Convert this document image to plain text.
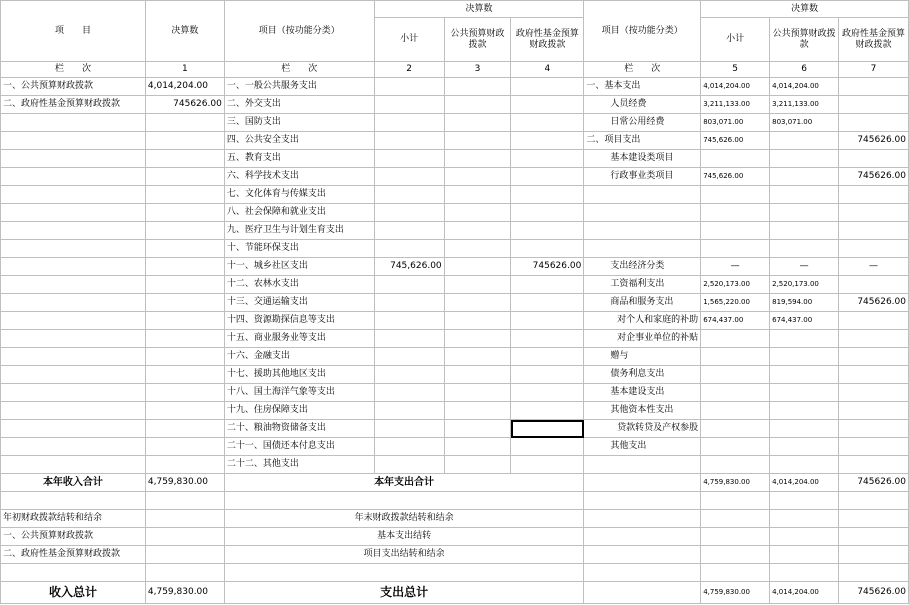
项　　目	决算数	项目（按功能分类）	决算数			项目（按功能分类）	决算数		
			小计	公共预算财政拨款	政府性基金预算财政拨款		小计	公共预算财政拨款	政府性基金预算财政拨款

栏　　次	1	栏　　次	2	3	4	栏　　次	5	6	7
一、公共预算财政拨款	4,014,204.00	一、一般公共服务支出				一、基本支出	4,014,204.00	4,014,204.00	
二、政府性基金预算财政拨款	745626.00	二、外交支出				人员经费	3,211,133.00	3,211,133.00	
		三、国防支出				日常公用经费	803,071.00	803,071.00	
		四、公共安全支出				二、项目支出	745,626.00		745626.00
		五、教育支出				基本建设类项目			
		六、科学技术支出				行政事业类项目	745,626.00		745626.00
		七、文化体育与传媒支出							
		八、社会保障和就业支出							
		九、医疗卫生与计划生育支出							
		十、节能环保支出							
		十一、城乡社区支出	745,626.00		745626.00	支出经济分类	—	—	—
		十二、农林水支出				工资福利支出	2,520,173.00	2,520,173.00	
		十三、交通运输支出				商品和服务支出	1,565,220.00	819,594.00	745626.00
		十四、资源勘探信息等支出				对个人和家庭的补助	674,437.00	674,437.00	
		十五、商业服务业等支出				对企事业单位的补贴			
		十六、金融支出				赠与			
		十七、援助其他地区支出				债务利息支出			
		十八、国土海洋气象等支出				基本建设支出			
		十九、住房保障支出				其他资本性支出			
		二十、粮油物资储备支出				贷款转贷及产权参股			
		二十一、国债还本付息支出				其他支出			
		二十二、其他支出							
本年收入合计	4,759,830.00	本年支出合计					4,759,830.00	4,014,204.00	745626.00

年初财政拨款结转和结余		年末财政拨款结转和结余							
一、公共预算财政拨款		基本支出结转							
二、政府性基金预算财政拨款		项目支出结转和结余							

收入总计	4,759,830.00	支出总计					4,759,830.00	4,014,204.00	745626.00
